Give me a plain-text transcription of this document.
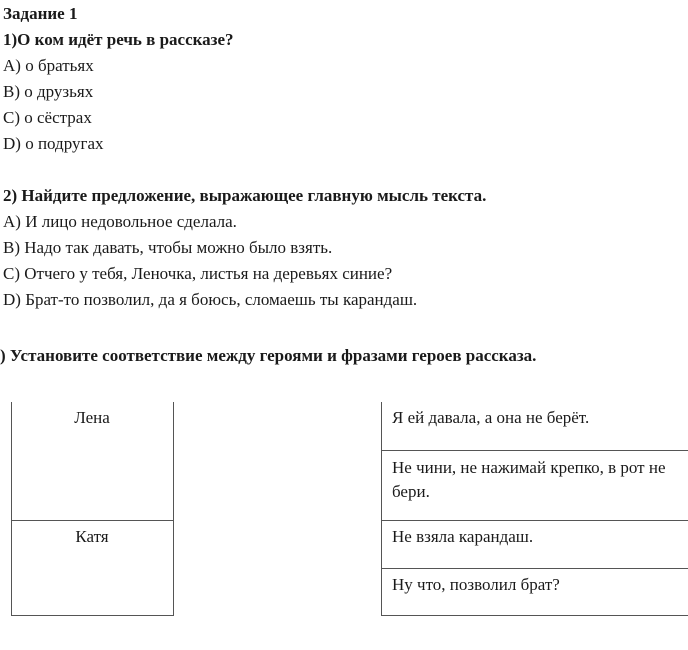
Задание 1
1)О ком идёт речь в рассказе?
A) о братьях
B) о друзьях
C) о сёстрах
D) о подругах
2) Найдите предложение, выражающее главную мысль текста.
A) И лицо недовольное сделала.
B) Надо так давать, чтобы можно было взять.
C) Отчего у тебя, Леночка, листья на деревьях синие?
D) Брат-то позволил, да я боюсь, сломаешь ты карандаш.
) Установите соответствие между героями и фразами героев рассказа.
Лена
Катя
Я ей давала, а она не берёт.
Не чини, не нажимай крепко, в рот не бери.
Не взяла карандаш.
Ну что, позволил брат?
